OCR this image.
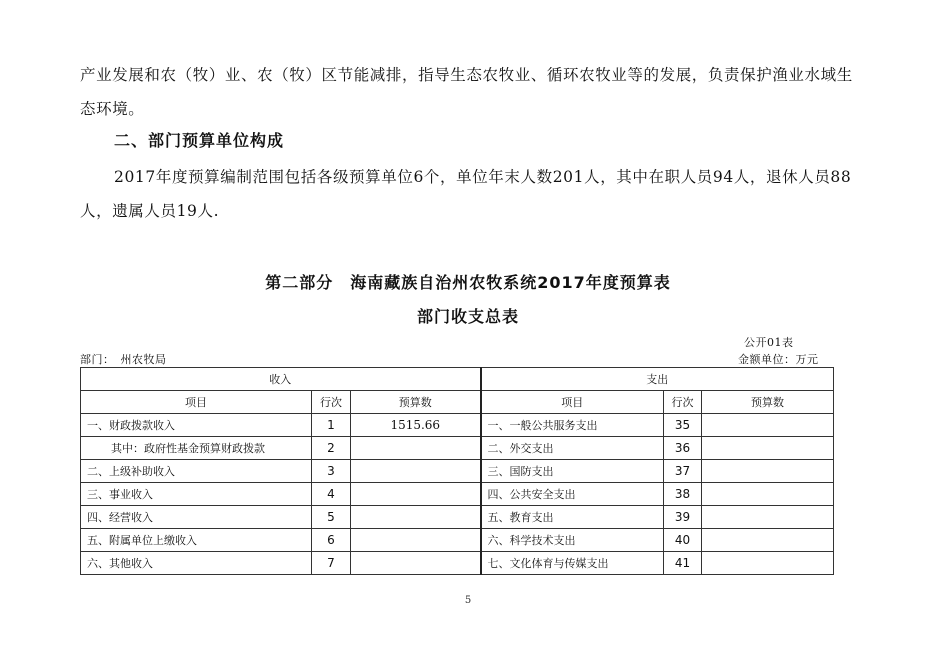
产业发展和农（牧）业、农（牧）区节能减排，指导生态农牧业、循环农牧业等的发展，负责保护渔业水域生态环境。
二、部门预算单位构成
2017年度预算编制范围包括各级预算单位6个，单位年末人数201人，其中在职人员94人，退休人员88人，遗属人员19人.
第二部分　海南藏族自治州农牧系统2017年度预算表
部门收支总表
公开01表
部门：　州农牧局	金额单位：万元
收入			支出		
项目	行次	预算数	项目	行次	预算数
一、财政拨款收入	1	1515.66	一、一般公共服务支出	35	
其中：政府性基金预算财政拨款	2		二、外交支出	36	
二、上级补助收入	3		三、国防支出	37	
三、事业收入	4		四、公共安全支出	38	
四、经营收入	5		五、教育支出	39	
五、附属单位上缴收入	6		六、科学技术支出	40	
六、其他收入	7		七、文化体育与传媒支出	41	
5
